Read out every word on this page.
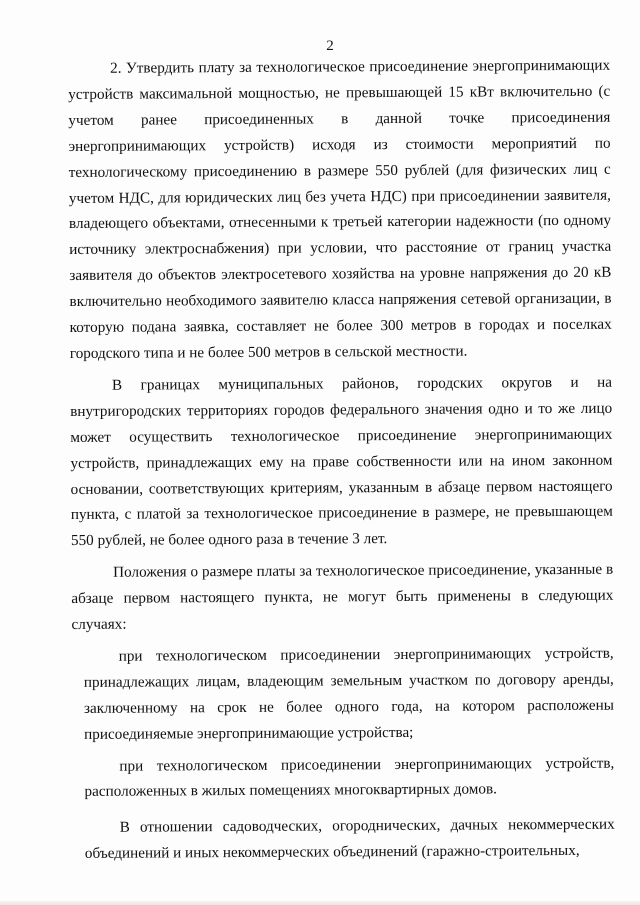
2

2. Утвердить плату за технологическое присоединение энергопринимающих устройств максимальной мощностью, не превышающей 15 кВт включительно (с учетом ранее присоединенных в данной точке присоединения энергопринимающих устройств) исходя из стоимости мероприятий по технологическому присоединению в размере 550 рублей (для физических лиц с учетом НДС, для юридических лиц без учета НДС) при присоединении заявителя, владеющего объектами, отнесенными к третьей категории надежности (по одному источнику электроснабжения) при условии, что расстояние от границ участка заявителя до объектов электросетевого хозяйства на уровне напряжения до 20 кВ включительно необходимого заявителю класса напряжения сетевой организации, в которую подана заявка, составляет не более 300 метров в городах и поселках городского типа и не более 500 метров в сельской местности.

В границах муниципальных районов, городских округов и на внутригородских территориях городов федерального значения одно и то же лицо может осуществить технологическое присоединение энергопринимающих устройств, принадлежащих ему на праве собственности или на ином законном основании, соответствующих критериям, указанным в абзаце первом настоящего пункта, с платой за технологическое присоединение в размере, не превышающем 550 рублей, не более одного раза в течение 3 лет.

Положения о размере платы за технологическое присоединение, указанные в абзаце первом настоящего пункта, не могут быть применены в следующих случаях:

при технологическом присоединении энергопринимающих устройств, принадлежащих лицам, владеющим земельным участком по договору аренды, заключенному на срок не более одного года, на котором расположены присоединяемые энергопринимающие устройства;

при технологическом присоединении энергопринимающих устройств, расположенных в жилых помещениях многоквартирных домов.

В отношении садоводческих, огороднических, дачных некоммерческих объединений и иных некоммерческих объединений (гаражно-строительных,
